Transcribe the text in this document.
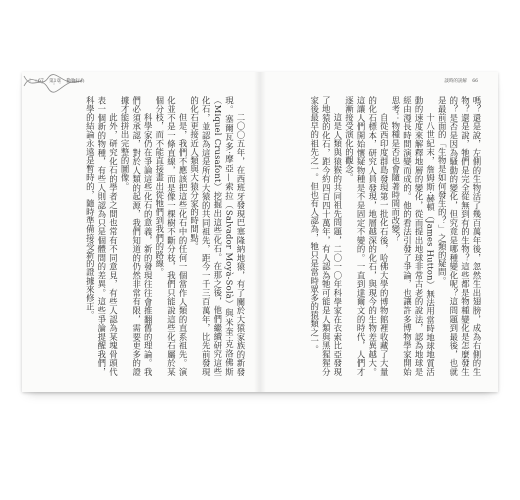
67 第1章 動物行為

二〇〇五年，在西班牙發現巴塞隆納地猿，有了關於大猿家族的新發現。塞爾瓦多‧摩亞—索拉（Salvador Moyà-Solà）與米奎‧克洛佛斯（Miquel Crusafont）挖掘出這些化石。在那之後，他們繼續研究這些化石，並認為這是所有大猿的共同祖先，距今一千三百萬年，比先前發現的化石更接近人類與大猿分家的時間點。

但是，我們不應該把這些化石中的任何一個當作人類的直系祖先。演化並不是一條直線，而是像一棵樹不斷分枝，我們只能說這些化石屬於某個分枝，而不能直接畫出從牠們到我們的路線。

科學家仍在爭論這些化石的意義，新的發現往往會推翻舊的理論。我們必須承認，對於人類的起源，我們知道的仍然非常有限，需要更多的證據才能拼出完整的圖像。

此外，研究化石的學者之間也常有不同意見，有些人認為某塊骨頭代表一個新的物種，有些人則認為只是個體間的差異。這些爭論提醒我們，科學的結論永遠是暫時的，隨時準備接受新的證據來修正。

談時的誤解 66

嗎？還是說，左側的生物活了幾百萬年後，忽然生出翅膀，成為右側的生物？還是說，牠們是完全從無到有的生物？這些都是物種變化是怎麼發生的？是否是因為騷動的變化，但究竟是哪種變化呢？這問題到最後，也就是最前面的「生物是如何發生的？」之類的疑問。

十八世紀末，詹姆斯‧赫頓（James Hutton）無法用當時地球地質活動的速度來解釋地層的變化，從而提出地球非常古老的說法，認為地球是經由漫長時間演變而成的。他的看法引發了爭論，也讓許多博物學家開始思考：物種是否也會隨著時間而改變？

自從西印度群島發現第一批化石後，哈佛大學的博物館裡收藏了大量的化石標本，研究人員發現，地層越深的化石，與現今的生物差異越大。這讓人們開始懷疑物種是不是固定不變的。一直到達爾文的時代，人們才逐漸接受演化的觀念。

這是人類與猿猴的共同祖先問題，二〇一〇年科學家在衣索比亞發現了地猿的化石，距今約四百四十萬年，有人認為牠可能是人類與黑猩猩分家後最早的祖先之一。但也有人認為，牠只是當時眾多的猿類之一。
